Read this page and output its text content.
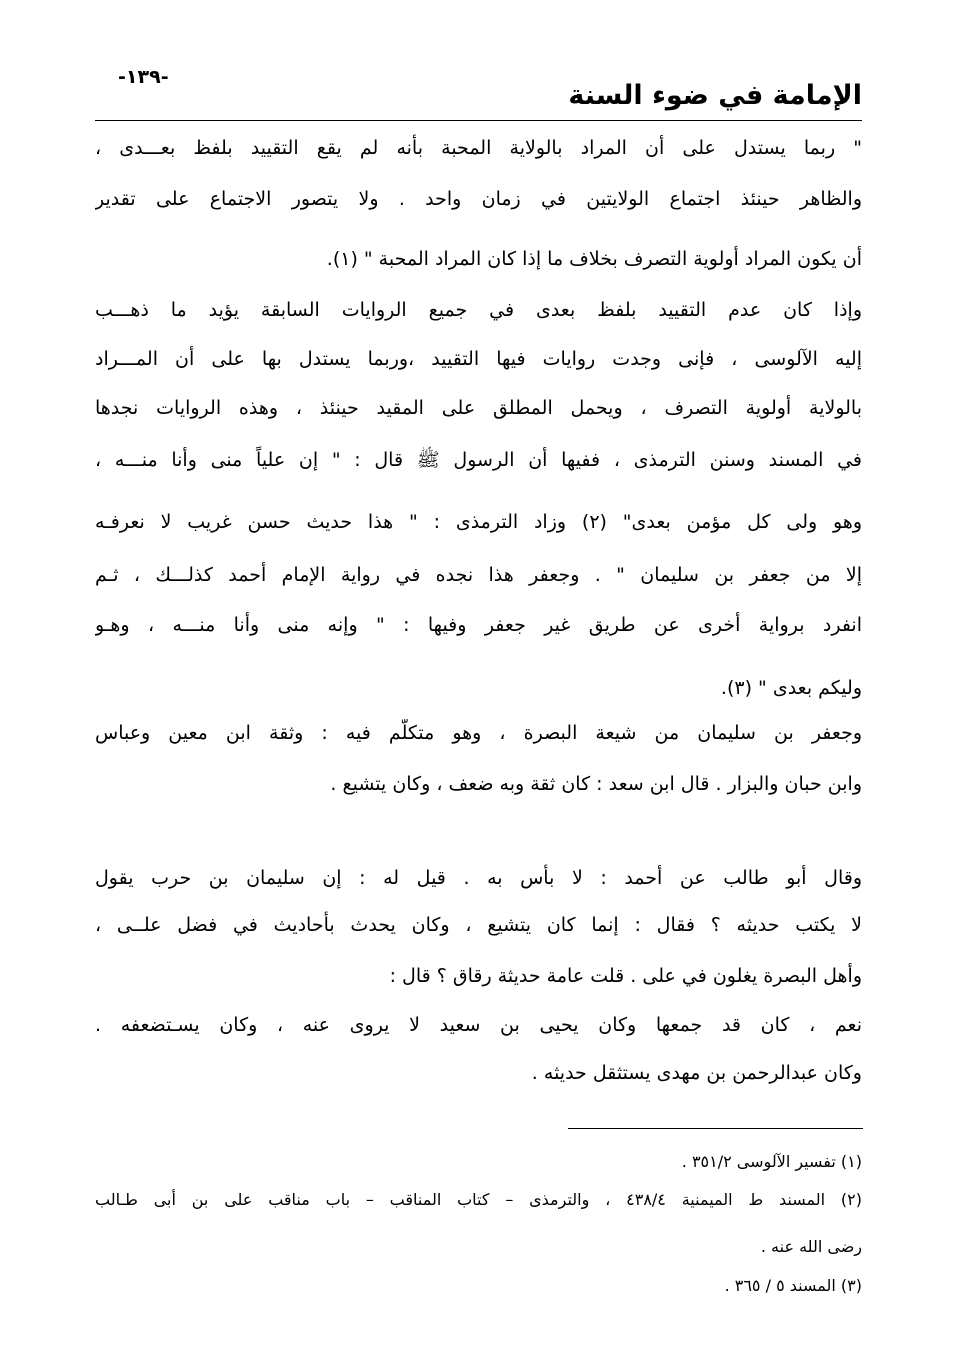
الإمامة في ضوء السنة
-١٣٩-
" ربما يستدل على أن المراد بالولاية المحبة بأنه لم يقع التقييد بلفظ بعـــدى ،
والظاهر حينئذ اجتماع الولايتين في زمان واحد . ولا يتصور الاجتماع على تقدير
أن يكون المراد أولوية التصرف بخلاف ما إذا كان المراد المحبة " (١).
وإذا كان عدم التقييد بلفظ بعدى في جميع الروايات السابقة يؤيد ما ذهـــب
إليه الآلوسى ، فإنى وجدت روايات فيها التقييد ،وربما يستدل بها على أن المـــراد
بالولاية أولوية التصرف ، ويحمل المطلق على المقيد حينئذ ، وهذه الروايات نجدها
في المسند وسنن الترمذى ، ففيها أن الرسول ﷺ قال : " إن علياً منى وأنا منـــه ،
وهو ولى كل مؤمن بعدى" (٢) وزاد الترمذى : " هذا حديث حسن غريب لا نعرفـه
إلا من جعفر بن سليمان " . وجعفر هذا نجده في رواية الإمام أحمد كذلـــك ، ثـم
انفرد برواية أخرى عن طريق غير جعفر وفيها : " وإنه منى وأنا منـــه ، وهـو
وليكم بعدى " (٣).
وجعفر بن سليمان من شيعة البصرة ، وهو متكلّم فيه : وثقة ابن معين وعباس
وابن حبان والبزار . قال ابن سعد : كان ثقة وبه ضعف ، وكان يتشيع .
وقال أبو طالب عن أحمد : لا بأس به . قيل له : إن سليمان بن حرب يقول
لا يكتب حديثه ؟ فقال : إنما كان يتشيع ، وكان يحدث بأحاديث في فضل علــى ،
وأهل البصرة يغلون في على . قلت عامة حديثة رقاق ؟ قال :
نعم ، كان قد جمعها وكان يحيى بن سعيد لا يروى عنه ، وكان يسـتضعفه .
وكان عبدالرحمن بن مهدى يستثقل حديثه .
(١) تفسير الآلوسى ٣٥١/٢ .
(٢) المسند ط الميمنية ٤٣٨/٤ ، والترمذى – كتاب المناقب – باب مناقب على بن أبى طـالب
رضى الله عنه .
(٣) المسند ٥ / ٣٦٥ .
